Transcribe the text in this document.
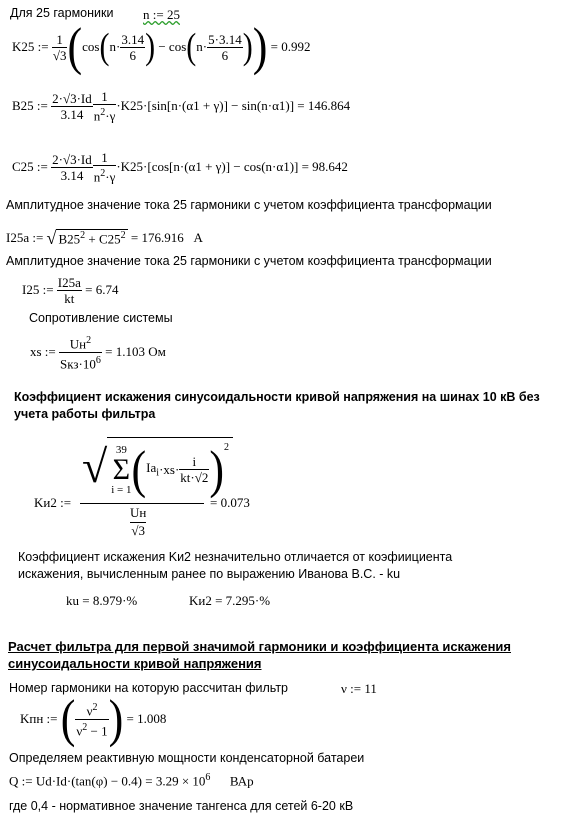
Для 25 гармоники n := 25
K25 :=
$\frac{1}{√3}$ ( cos ( $n \cdot \frac{3.14}{6}$ )
−
cos ( $n \cdot \frac{5\cdot 3.14}{6}$ ) )
= 0.992
B25 :=
$\frac{2\cdot√3\cdot Id}{3.14} \frac{1}{n^2\cdot\gamma} \cdot K25\cdot[\sin[n\cdot(\alpha 1 + \gamma)] - \sin(n\cdot\alpha 1)] = 146.864$
C25 :=
$\frac{2\cdot√3\cdot Id}{3.14} \frac{1}{n^2\cdot\gamma} \cdot K25\cdot[\cos[n\cdot(\alpha 1 + \gamma)] - \cos(n\cdot\alpha 1)] = 98.642$
Амплитудное значение тока 25 гармоники с учетом коэффициента трансформации
I25a :=
√ $B25^2 + C25^2$
= 176.916
A
Амплитудное значение тока 25 гармоники с учетом коэффициента трансформации
I25 :=
$\frac{I25a}{kt}$
= 6.74
Сопротивление системы
xs :=
$\frac{Uн^2}{Sкз\cdot 10^6}$
= 1.103 Ом
Коэффициент искажения синусоидальности кривой напряжения на шинах 10 кВ без учета работы фильтра
Kи2 :=
√ 39
Σ
i = 1 ( $Ia_i \cdot xs\cdot \frac{i}{kt\cdot√2} )^2$
Uн
√3
= 0.073
Коэффициент искажения Kи2 незначительно отличается от коэфиициента искажения, вычисленным ранее по выражению Иванова В.С. - ku
ku = 8.979·%	Kи2 = 7.295·%
Расчет фильтра для первой значимой гармоники и коэффициента искажения синусоидальности кривой напряжения
Номер гармоники на которую рассчитан фильтр	ν := 11
Kпн :=
( $\frac{\nu^2}{\nu^2 - 1}$ )
= 1.008
Определяем реактивную мощности конденсаторной батареи
Q := $Ud\cdot Id\cdot(\tan(\varphi) - 0.4) = 3.29 \times 10^6$ ВАр
где 0,4 - нормативное значение тангенса для сетей 6-20 кВ
